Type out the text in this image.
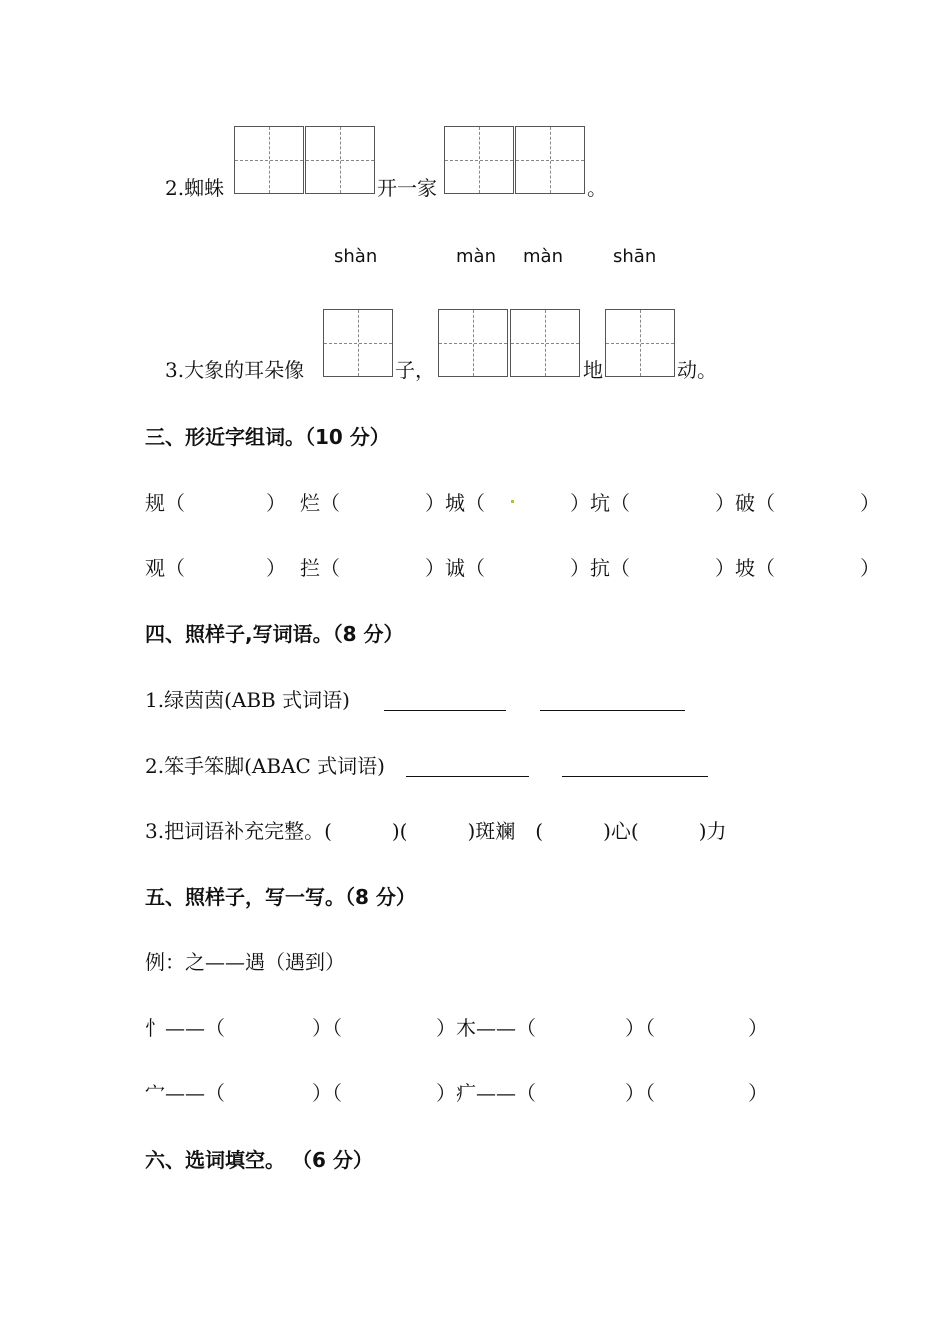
2.蜘蛛	开一家	。
shàn	màn màn	shān
3.大象的耳朵像	子，	地	动。
三、形近字组词。（10 分）
规（	） 烂（	）城（	）坑（	）破（	）
观（	） 拦（	）诚（	）抗（	）坡（	）
四、照样子,写词语。（8 分）
1.绿茵茵(ABB 式词语)
2.笨手笨脚(ABAC 式词语)
3.把词语补充完整。(　　　)(　　　)斑斓　(　　　)心(　　　)力
五、照样子，写一写。（8 分）
例：之——遇（遇到）
忄——（	）（	）木——（	）（	）
宀——（	）（	）疒——（	）（	）
六、选词填空。 （6 分）
